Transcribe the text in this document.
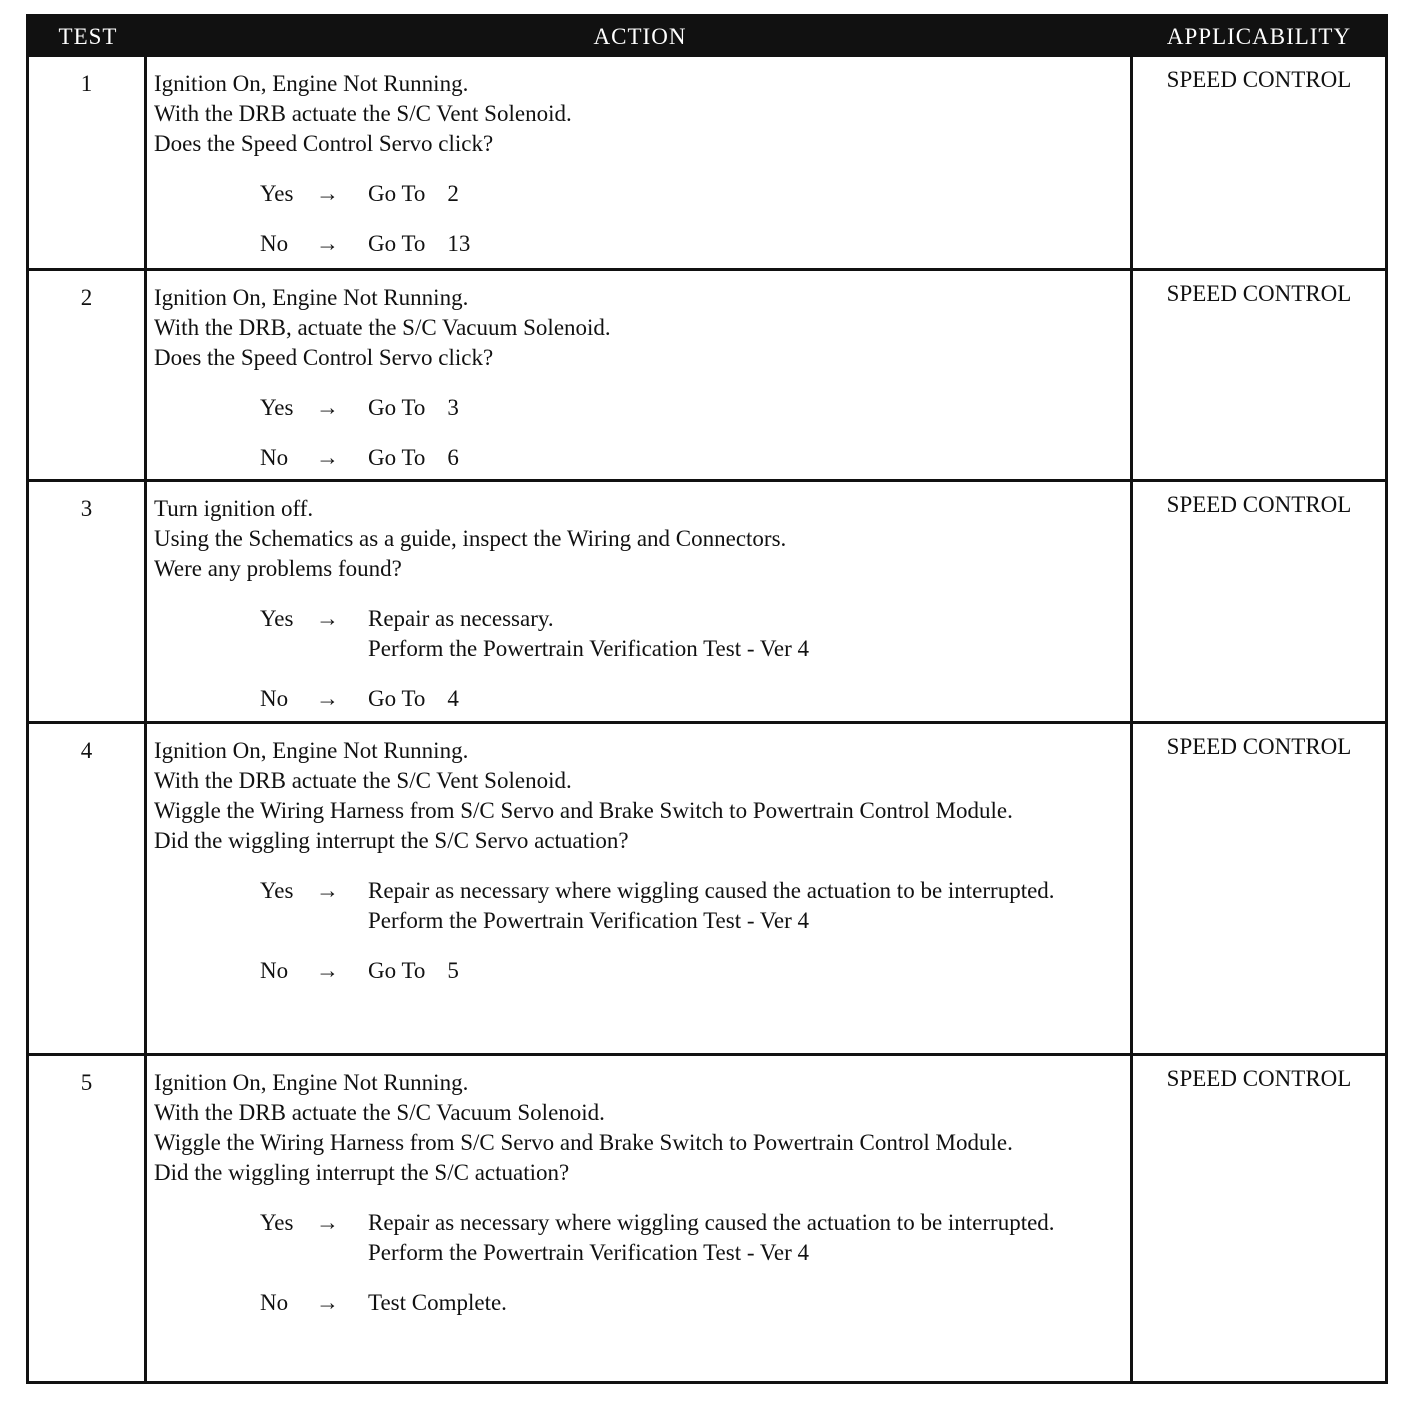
TEST	ACTION	APPLICABILITY
1	Ignition On, Engine Not Running.
With the DRB actuate the S/C Vent Solenoid.
Does the Speed Control Servo click?
Yes →	Go To 2
No	→	Go To 13
SPEED CONTROL
2	Ignition On, Engine Not Running.
With the DRB, actuate the S/C Vacuum Solenoid.
Does the Speed Control Servo click?
Yes →	Go To 3
No	→	Go To 6
SPEED CONTROL
3	Turn ignition off.
Using the Schematics as a guide, inspect the Wiring and Connectors.
Were any problems found?
Yes →	Repair as necessary.
Perform the Powertrain Verification Test - Ver 4
No	→	Go To 4
SPEED CONTROL
4	Ignition On, Engine Not Running.
With the DRB actuate the S/C Vent Solenoid.
Wiggle the Wiring Harness from S/C Servo and Brake Switch to Powertrain Control Module.
Did the wiggling interrupt the S/C Servo actuation?
Yes →	Repair as necessary where wiggling caused the actuation to be interrupted.
Perform the Powertrain Verification Test - Ver 4
No	→	Go To 5
SPEED CONTROL
5	Ignition On, Engine Not Running.
With the DRB actuate the S/C Vacuum Solenoid.
Wiggle the Wiring Harness from S/C Servo and Brake Switch to Powertrain Control Module.
Did the wiggling interrupt the S/C actuation?
Yes →	Repair as necessary where wiggling caused the actuation to be interrupted.
Perform the Powertrain Verification Test - Ver 4
No	→	Test Complete.
SPEED CONTROL
